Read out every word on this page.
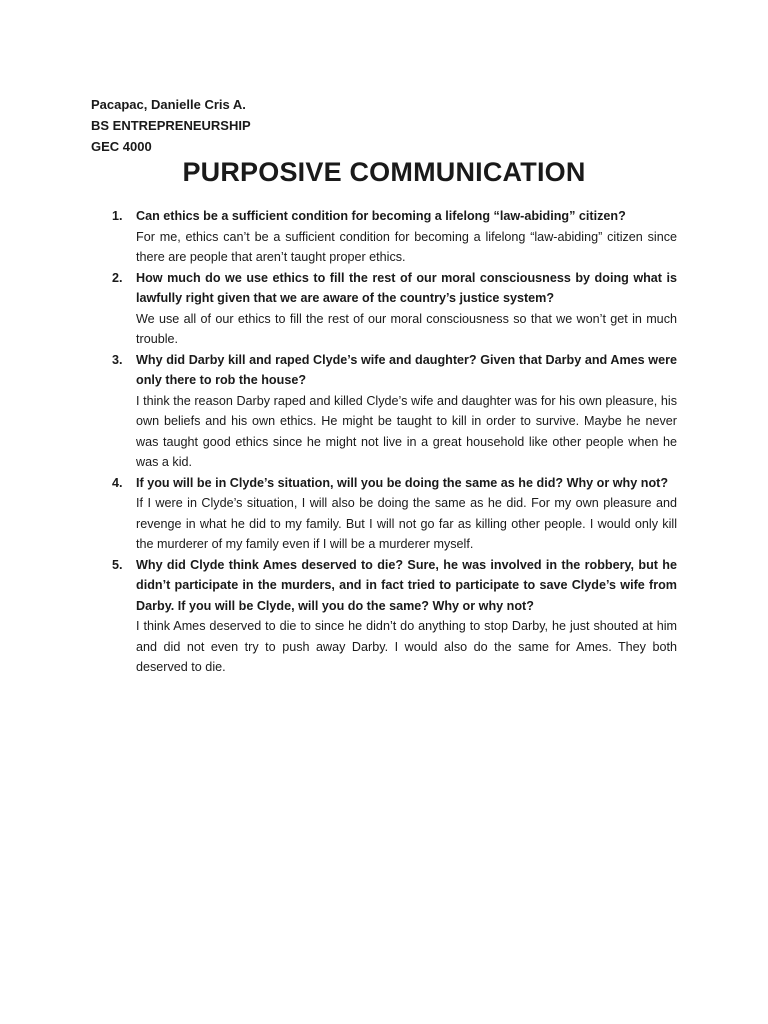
Pacapac, Danielle Cris A.
BS ENTREPRENEURSHIP
GEC 4000
PURPOSIVE COMMUNICATION
1. Can ethics be a sufficient condition for becoming a lifelong “law-abiding” citizen?

For me, ethics can’t be a sufficient condition for becoming a lifelong “law-abiding” citizen since there are people that aren’t taught proper ethics.

2. How much do we use ethics to fill the rest of our moral consciousness by doing what is lawfully right given that we are aware of the country’s justice system?

We use all of our ethics to fill the rest of our moral consciousness so that we won’t get in much trouble.

3. Why did Darby kill and raped Clyde’s wife and daughter? Given that Darby and Ames were only there to rob the house?

I think the reason Darby raped and killed Clyde’s wife and daughter was for his own pleasure, his own beliefs and his own ethics. He might be taught to kill in order to survive. Maybe he never was taught good ethics since he might not live in a great household like other people when he was a kid.

4. If you will be in Clyde’s situation, will you be doing the same as he did? Why or why not?

If I were in Clyde’s situation, I will also be doing the same as he did. For my own pleasure and revenge in what he did to my family. But I will not go far as killing other people. I would only kill the murderer of my family even if I will be a murderer myself.

5. Why did Clyde think Ames deserved to die? Sure, he was involved in the robbery, but he didn’t participate in the murders, and in fact tried to participate to save Clyde’s wife from Darby. If you will be Clyde, will you do the same? Why or why not?

I think Ames deserved to die to since he didn’t do anything to stop Darby, he just shouted at him and did not even try to push away Darby. I would also do the same for Ames. They both deserved to die.
